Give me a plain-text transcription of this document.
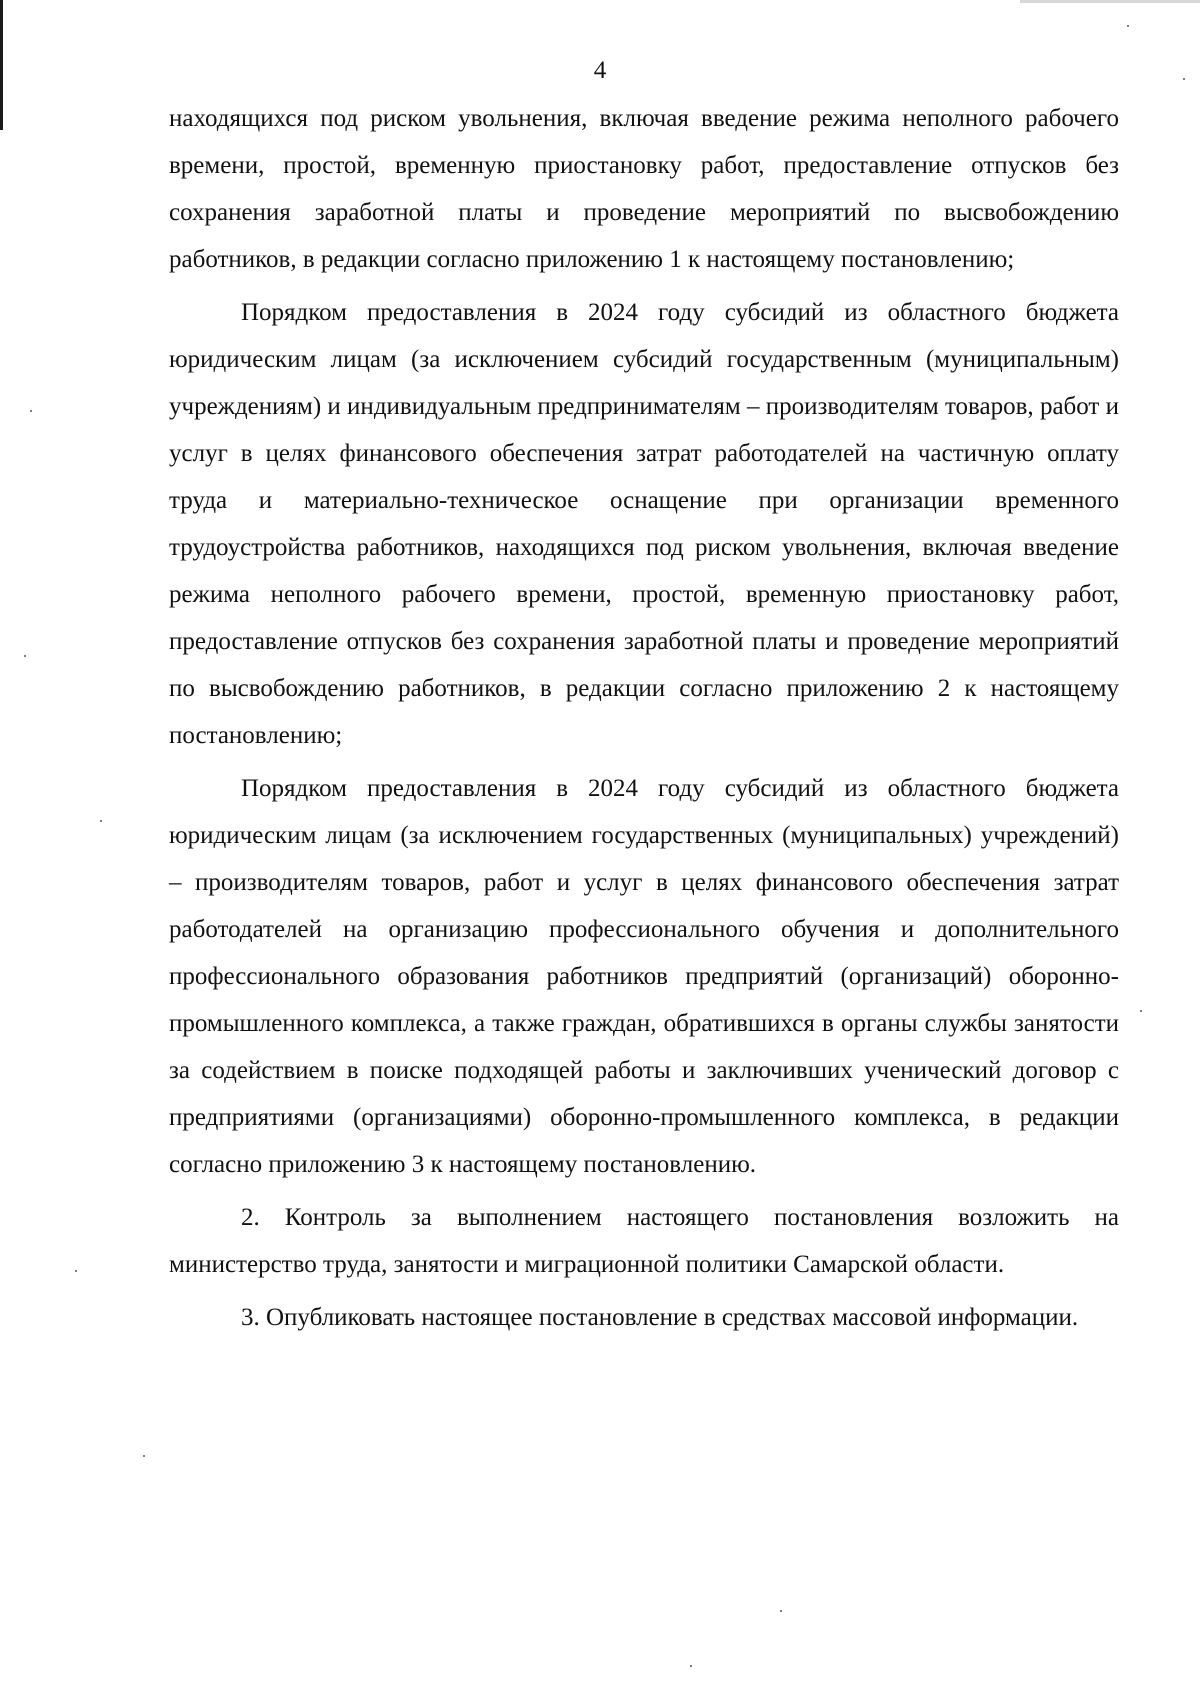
4

находящихся под риском увольнения, включая введение режима неполного рабочего времени, простой, временную приостановку работ, предоставление отпусков без сохранения заработной платы и проведение мероприятий по высвобождению работников, в редакции согласно приложению 1 к настоящему постановлению;

Порядком предоставления в 2024 году субсидий из областного бюджета юридическим лицам (за исключением субсидий государственным (муниципальным) учреждениям) и индивидуальным предпринимателям – производителям товаров, работ и услуг в целях финансового обеспечения затрат работодателей на частичную оплату труда и материально-техническое оснащение при организации временного трудоустройства работников, находящихся под риском увольнения, включая введение режима неполного рабочего времени, простой, временную приостановку работ, предоставление отпусков без сохранения заработной платы и проведение мероприятий по высвобождению работников, в редакции согласно приложению 2 к настоящему постановлению;

Порядком предоставления в 2024 году субсидий из областного бюджета юридическим лицам (за исключением государственных (муниципальных) учреждений) – производителям товаров, работ и услуг в целях финансового обеспечения затрат работодателей на организацию профессионального обучения и дополнительного профессионального образования работников предприятий (организаций) оборонно-промышленного комплекса, а также граждан, обратившихся в органы службы занятости за содействием в поиске подходящей работы и заключивших ученический договор с предприятиями (организациями) оборонно-промышленного комплекса, в редакции согласно приложению 3 к настоящему постановлению.

2. Контроль за выполнением настоящего постановления возложить на министерство труда, занятости и миграционной политики Самарской области.

3. Опубликовать настоящее постановление в средствах массовой информации.
